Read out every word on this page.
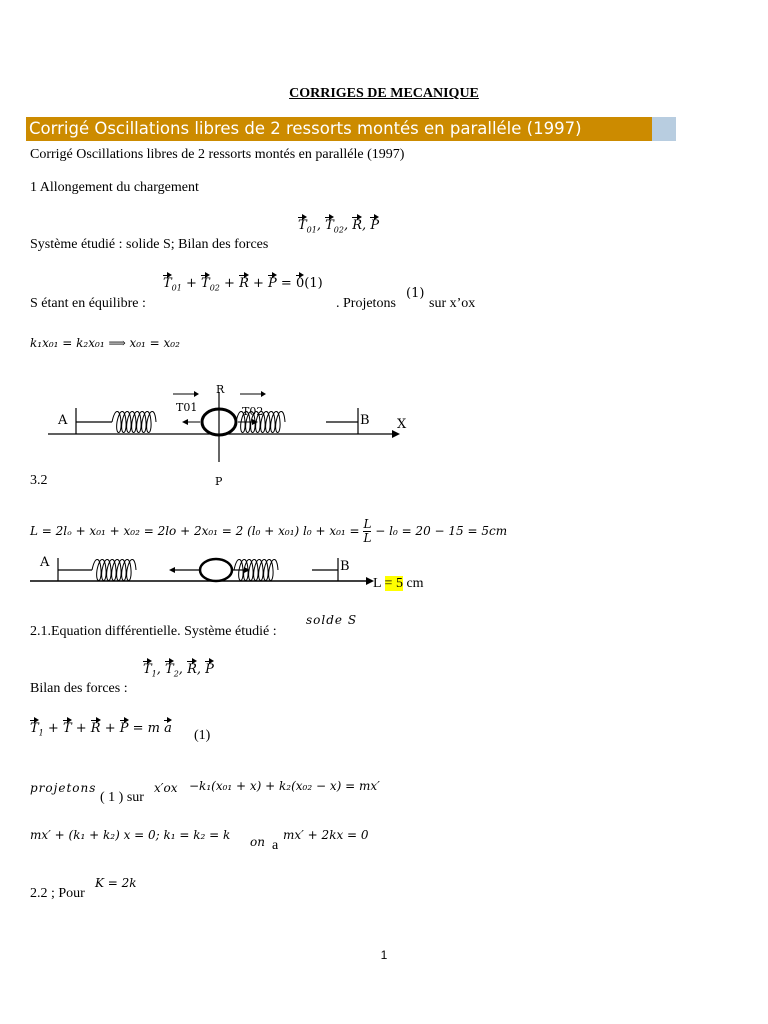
CORRIGES DE MECANIQUE
Corrigé Oscillations libres de 2 ressorts montés en paralléle (1997)
Corrigé Oscillations libres de 2 ressorts montés en paralléle (1997)
1 Allongement du chargement
$T_{01}$, $T_{02}$, R, P
Système étudié : solide S; Bilan des forces
$T_{01} + T_{02} + R + P = 0(1)$
S étant en équilibre :	. Projetons
(1)
sur x’ox
k₁x₀₁ = k₂x₀₁ ⟹ x₀₁ = x₀₂
A	B X
R
P
T01	T02
3.2
L = 2lₒ + x₀₁ + x₀₂ = 2lo + 2x₀₁ = 2 (l₀ + x₀₁) $l_0 + x_{01} = \frac{L}{L} - l_0 = 20 - 15 = 5cm$
A	B
L = 5 cm
2.1.Equation différentielle. Système étudié :
solde S
$T_1$, $T_2$, R, P
Bilan des forces :
$T_1 + T + R + P = m$ a (1)
projetons
( 1 ) sur
x′ox −k₁(x₀₁ + x) + k₂(x₀₂ − x) = mx′
mx′ + (k₁ + k₂) x = 0; k₁ = k₂ = k on a
mx′ + 2kx = 0
2.2 ; Pour
K = 2k
1
